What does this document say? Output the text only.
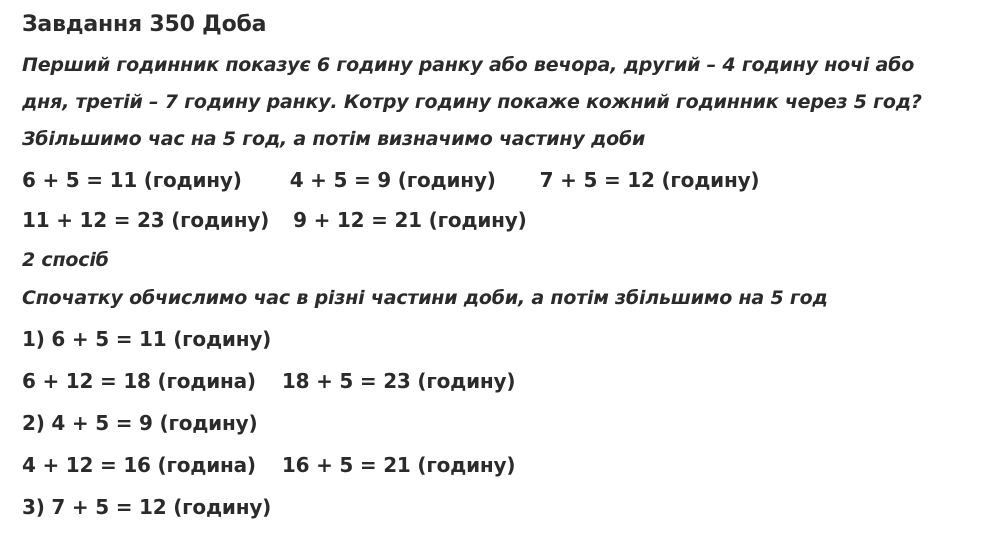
Завдання 350 Доба
Перший годинник показує 6 годину ранку або вечора, другий – 4 годину ночі або
дня, третій – 7 годину ранку. Котру годину покаже кожний годинник через 5 год?
Збільшимо час на 5 год, а потім визначимо частину доби
6 + 5 = 11 (годину) 4 + 5 = 9 (годину) 7 + 5 = 12 (годину)
11 + 12 = 23 (годину) 9 + 12 = 21 (годину)
2 спосіб
Спочатку обчислимо час в різні частини доби, а потім збільшимо на 5 год
1) 6 + 5 = 11 (годину)
6 + 12 = 18 (година) 18 + 5 = 23 (годину)
2) 4 + 5 = 9 (годину)
4 + 12 = 16 (година) 16 + 5 = 21 (годину)
3) 7 + 5 = 12 (годину)
